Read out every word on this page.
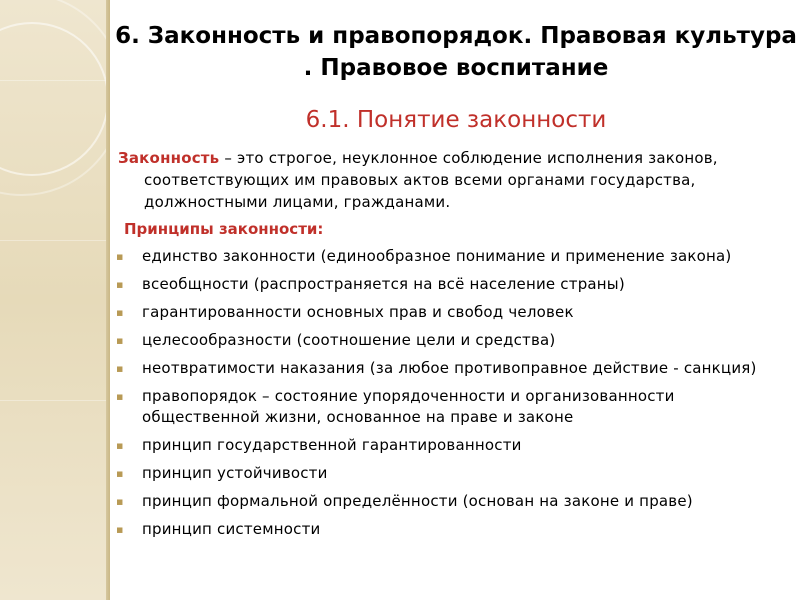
6. Законность и правопорядок. Правовая культура . Правовое воспитание
6.1. Понятие законности

Законность – это строгое, неуклонное соблюдение исполнения законов, соответствующих им правовых актов всеми органами государства, должностными лицами, гражданами.

Принципы законности:

▪ единство законности (единообразное понимание и применение закона)
▪ всеобщности (распространяется на всё население страны)
▪ гарантированности основных прав и свобод человек
▪ целесообразности (соотношение цели и средства)
▪ неотвратимости наказания (за любое противоправное действие - санкция)
▪ правопорядок – состояние упорядоченности и организованности общественной жизни, основанное на праве и законе
▪ принцип государственной гарантированности
▪ принцип устойчивости
▪ принцип формальной определённости (основан на законе и праве)
▪ принцип системности
